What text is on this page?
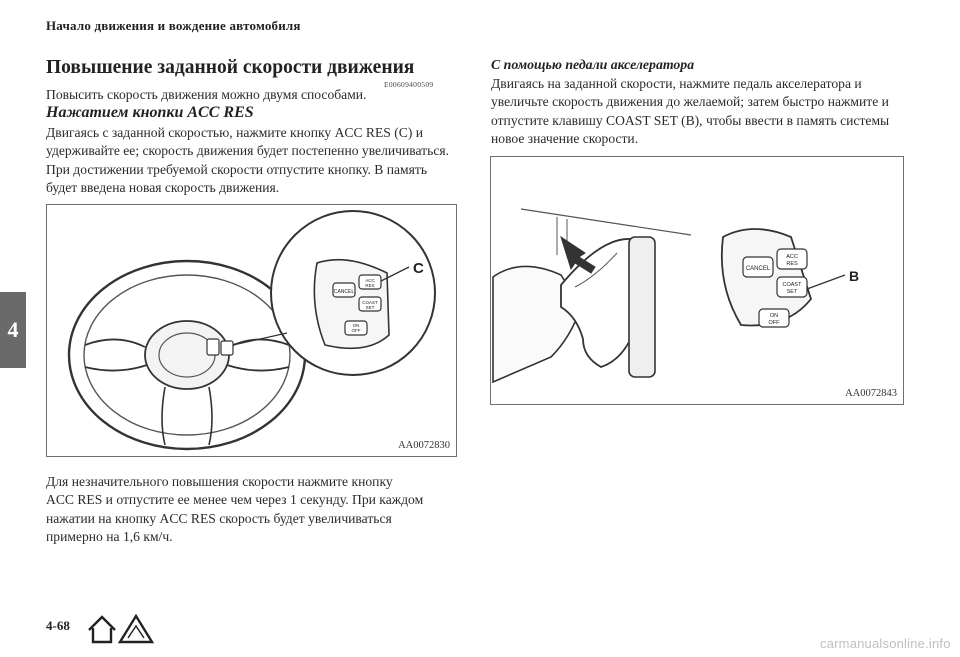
Начало движения и вождение автомобиля
4
Повышение заданной скорости движения
E00609400509
Повысить скорость движения можно двумя способами.
Нажатием кнопки ACC RES
Двигаясь с заданной скоростью, нажмите кнопку ACC RES (C) и
удерживайте ее; скорость движения будет постепенно увеличиваться.
При достижении требуемой скорости отпустите кнопку. В память
будет введена новая скорость движения.
CANCEL
ACC
RES
COAST
SET
ON
OFF
C
AA0072830
Для незначительного повышения скорости нажмите кнопку
ACC RES и отпустите ее менее чем через 1 секунду. При каждом
нажатии на кнопку ACC RES скорость будет увеличиваться
примерно на 1,6 км/ч.
С помощью педали акселератора
Двигаясь на заданной скорости, нажмите педаль акселератора и
увеличьте скорость движения до желаемой; затем быстро нажмите и
отпустите клавишу COAST SET (B), чтобы ввести в память системы
новое значение скорости.
CANCEL
ACC
RES
COAST
SET
ON
OFF
B
AA0072843
4-68
carmanualsonline.info
